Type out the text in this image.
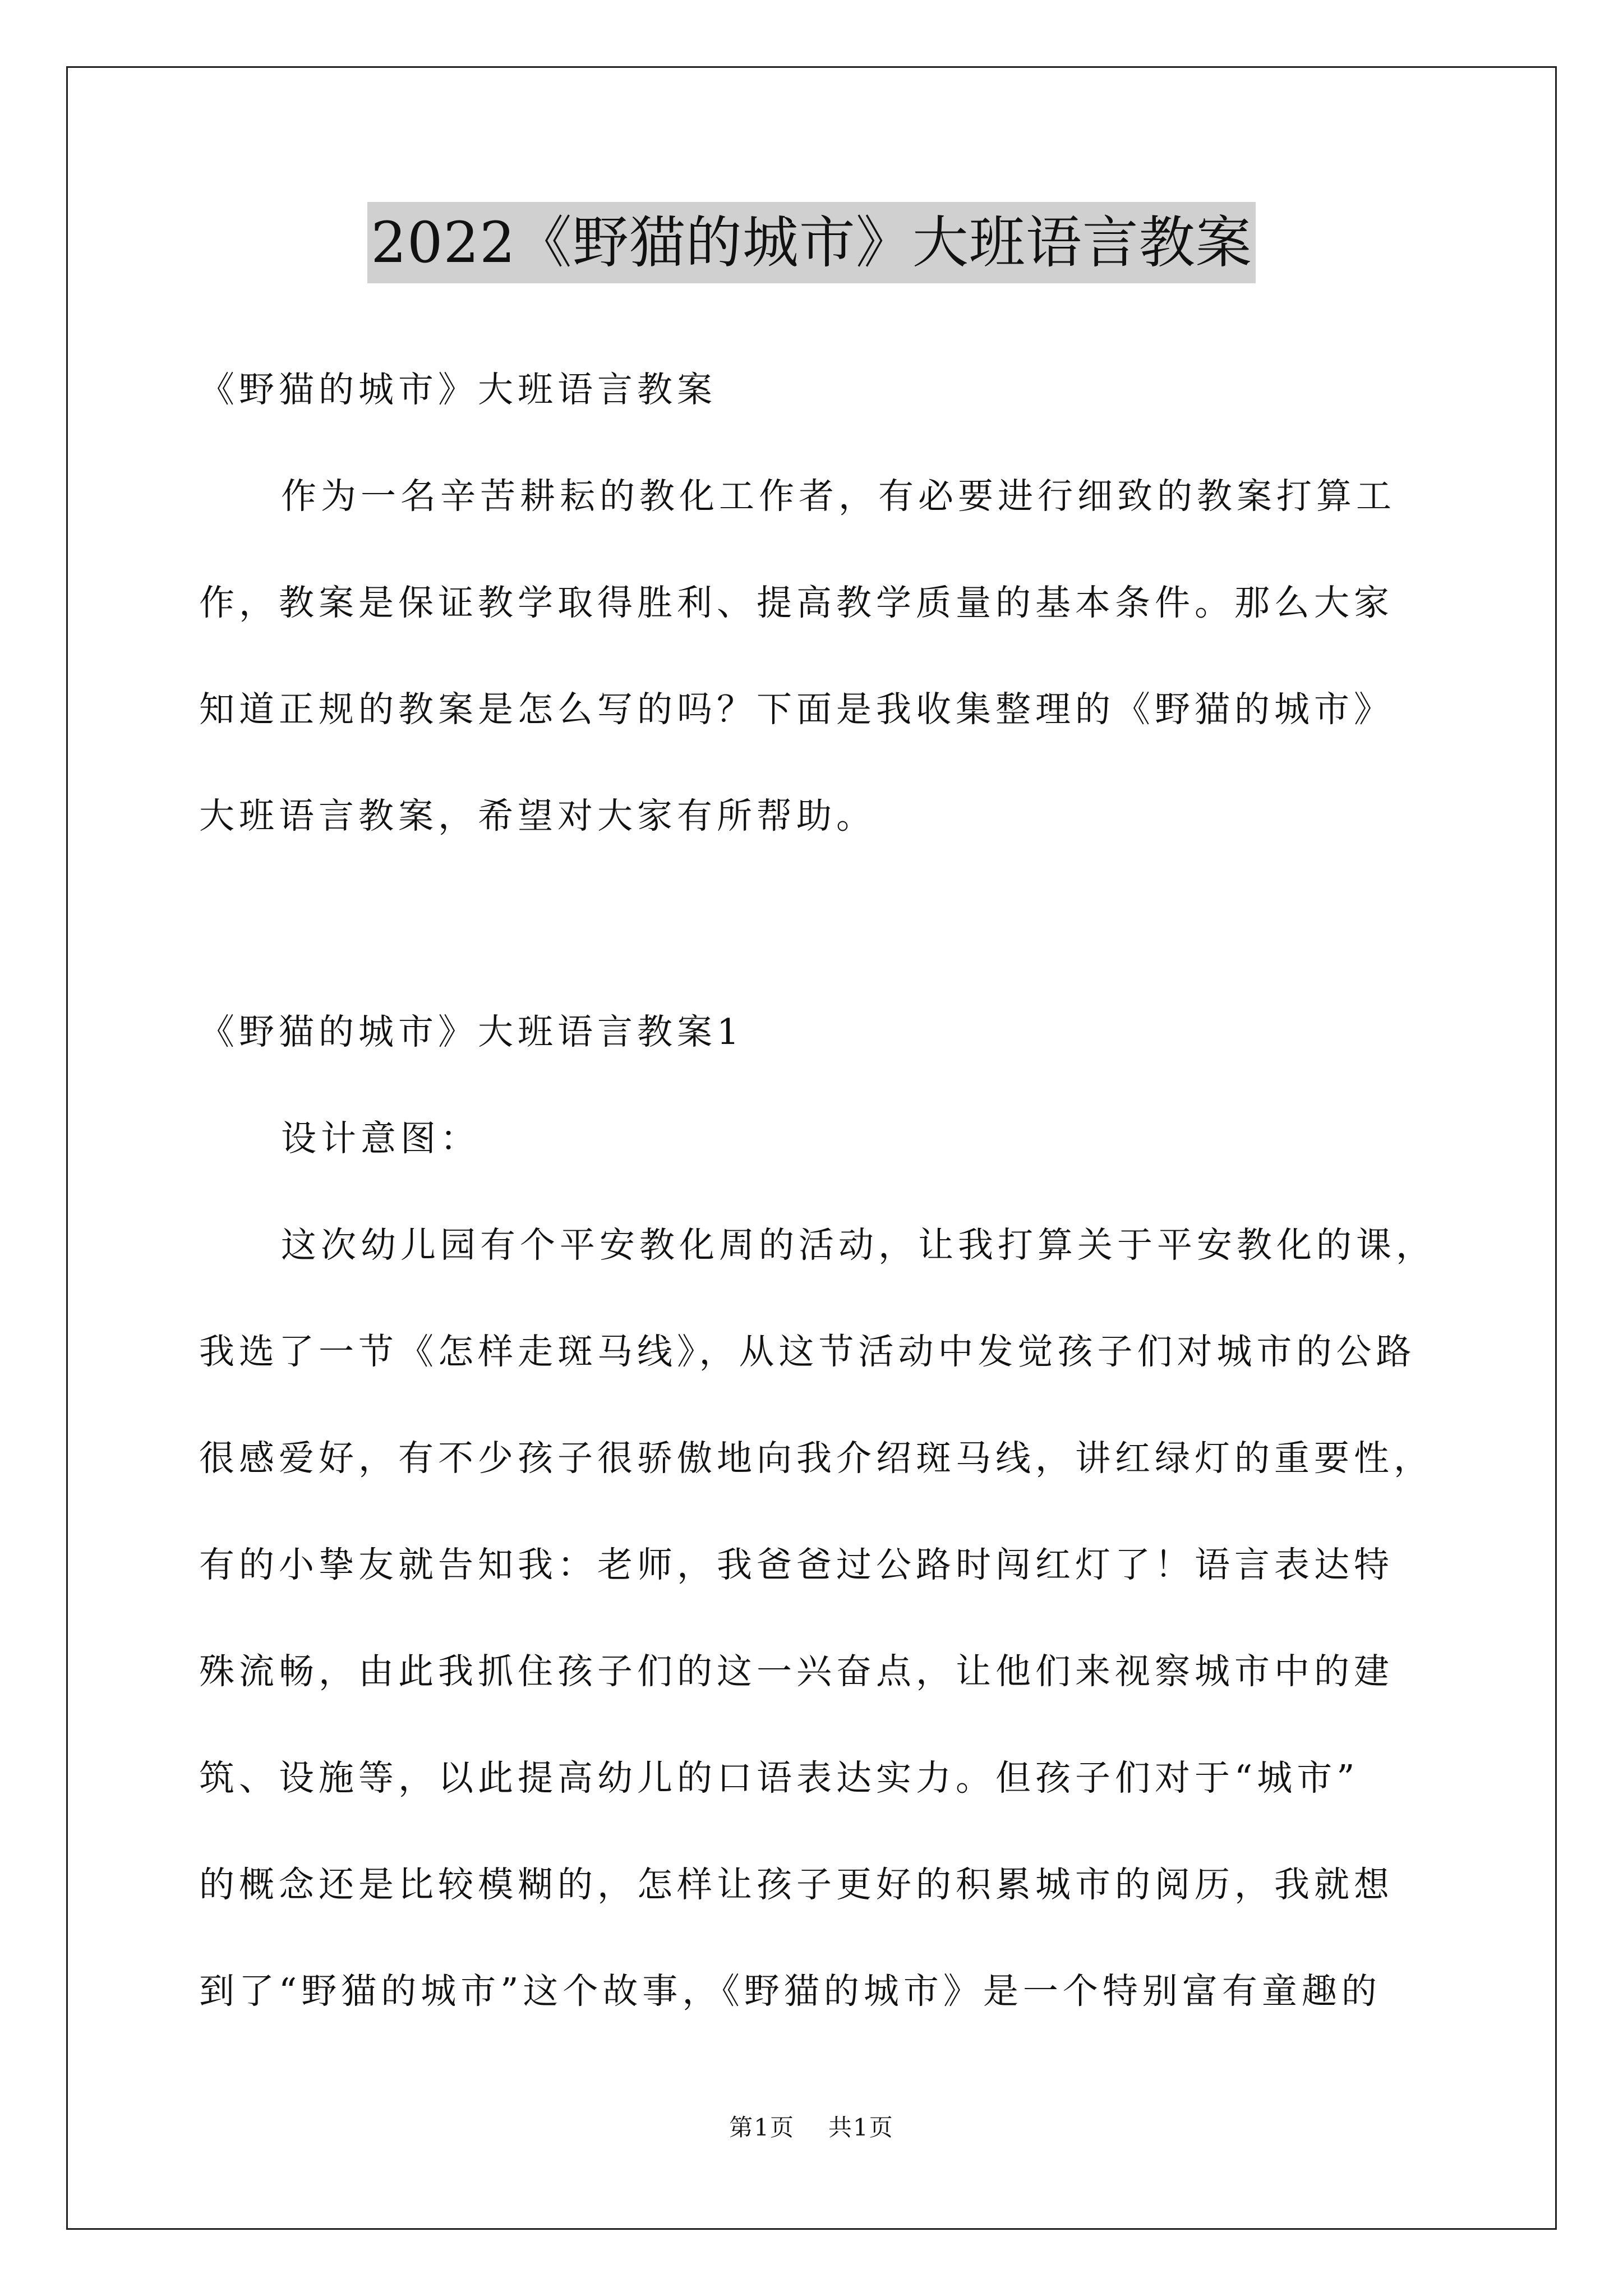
2022《野猫的城市》大班语言教案
《野猫的城市》大班语言教案
作为一名辛苦耕耘的教化工作者，有必要进行细致的教案打算工
作，教案是保证教学取得胜利、提高教学质量的基本条件。那么大家
知道正规的教案是怎么写的吗？下面是我收集整理的《野猫的城市》
大班语言教案，希望对大家有所帮助。
《野猫的城市》大班语言教案1
设计意图：
这次幼儿园有个平安教化周的活动，让我打算关于平安教化的课，
我选了一节《怎样走斑马线》，从这节活动中发觉孩子们对城市的公路
很感爱好，有不少孩子很骄傲地向我介绍斑马线，讲红绿灯的重要性，
有的小挚友就告知我：老师，我爸爸过公路时闯红灯了！语言表达特
殊流畅，由此我抓住孩子们的这一兴奋点，让他们来视察城市中的建
筑、设施等，以此提高幼儿的口语表达实力。但孩子们对于“城市”
的概念还是比较模糊的，怎样让孩子更好的积累城市的阅历，我就想
到了“野猫的城市”这个故事，《野猫的城市》是一个特别富有童趣的
第1页 共1页
